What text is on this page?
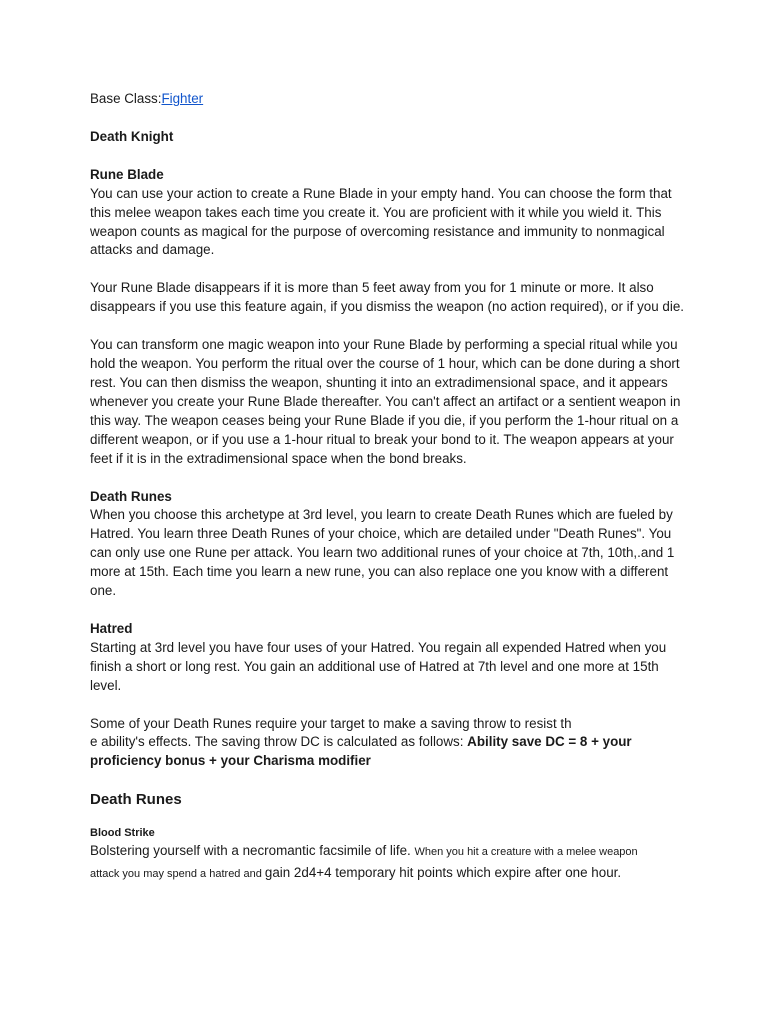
Base Class:Fighter

Death Knight

Rune Blade

You can use your action to create a Rune Blade in your empty hand. You can choose the form that this melee weapon takes each time you create it. You are proficient with it while you wield it. This weapon counts as magical for the purpose of overcoming resistance and immunity to nonmagical attacks and damage.

Your Rune Blade disappears if it is more than 5 feet away from you for 1 minute or more. It also disappears if you use this feature again, if you dismiss the weapon (no action required), or if you die.

You can transform one magic weapon into your Rune Blade by performing a special ritual while you hold the weapon. You perform the ritual over the course of 1 hour, which can be done during a short rest. You can then dismiss the weapon, shunting it into an extradimensional space, and it appears whenever you create your Rune Blade thereafter. You can't affect an artifact or a sentient weapon in this way. The weapon ceases being your Rune Blade if you die, if you perform the 1-hour ritual on a different weapon, or if you use a 1-hour ritual to break your bond to it. The weapon appears at your feet if it is in the extradimensional space when the bond breaks.

Death Runes

When you choose this archetype at 3rd level, you learn to create Death Runes which are fueled by Hatred. You learn three Death Runes of your choice, which are detailed under "Death Runes". You can only use one Rune per attack. You learn two additional runes of your choice at 7th, 10th,.and 1 more at 15th. Each time you learn a new rune, you can also replace one you know with a different one.

Hatred

Starting at 3rd level you have four uses of your Hatred. You regain all expended Hatred when you finish a short or long rest. You gain an additional use of Hatred at 7th level and one more at 15th level.

Some of your Death Runes require your target to make a saving throw to resist th
e ability's effects. The saving throw DC is calculated as follows: Ability save DC = 8 + your
proficiency bonus + your Charisma modifier

Death Runes

Blood Strike

Bolstering yourself with a necromantic facsimile of life. When you hit a creature with a melee weapon

attack you may spend a hatred and gain 2d4+4 temporary hit points which expire after one hour.
